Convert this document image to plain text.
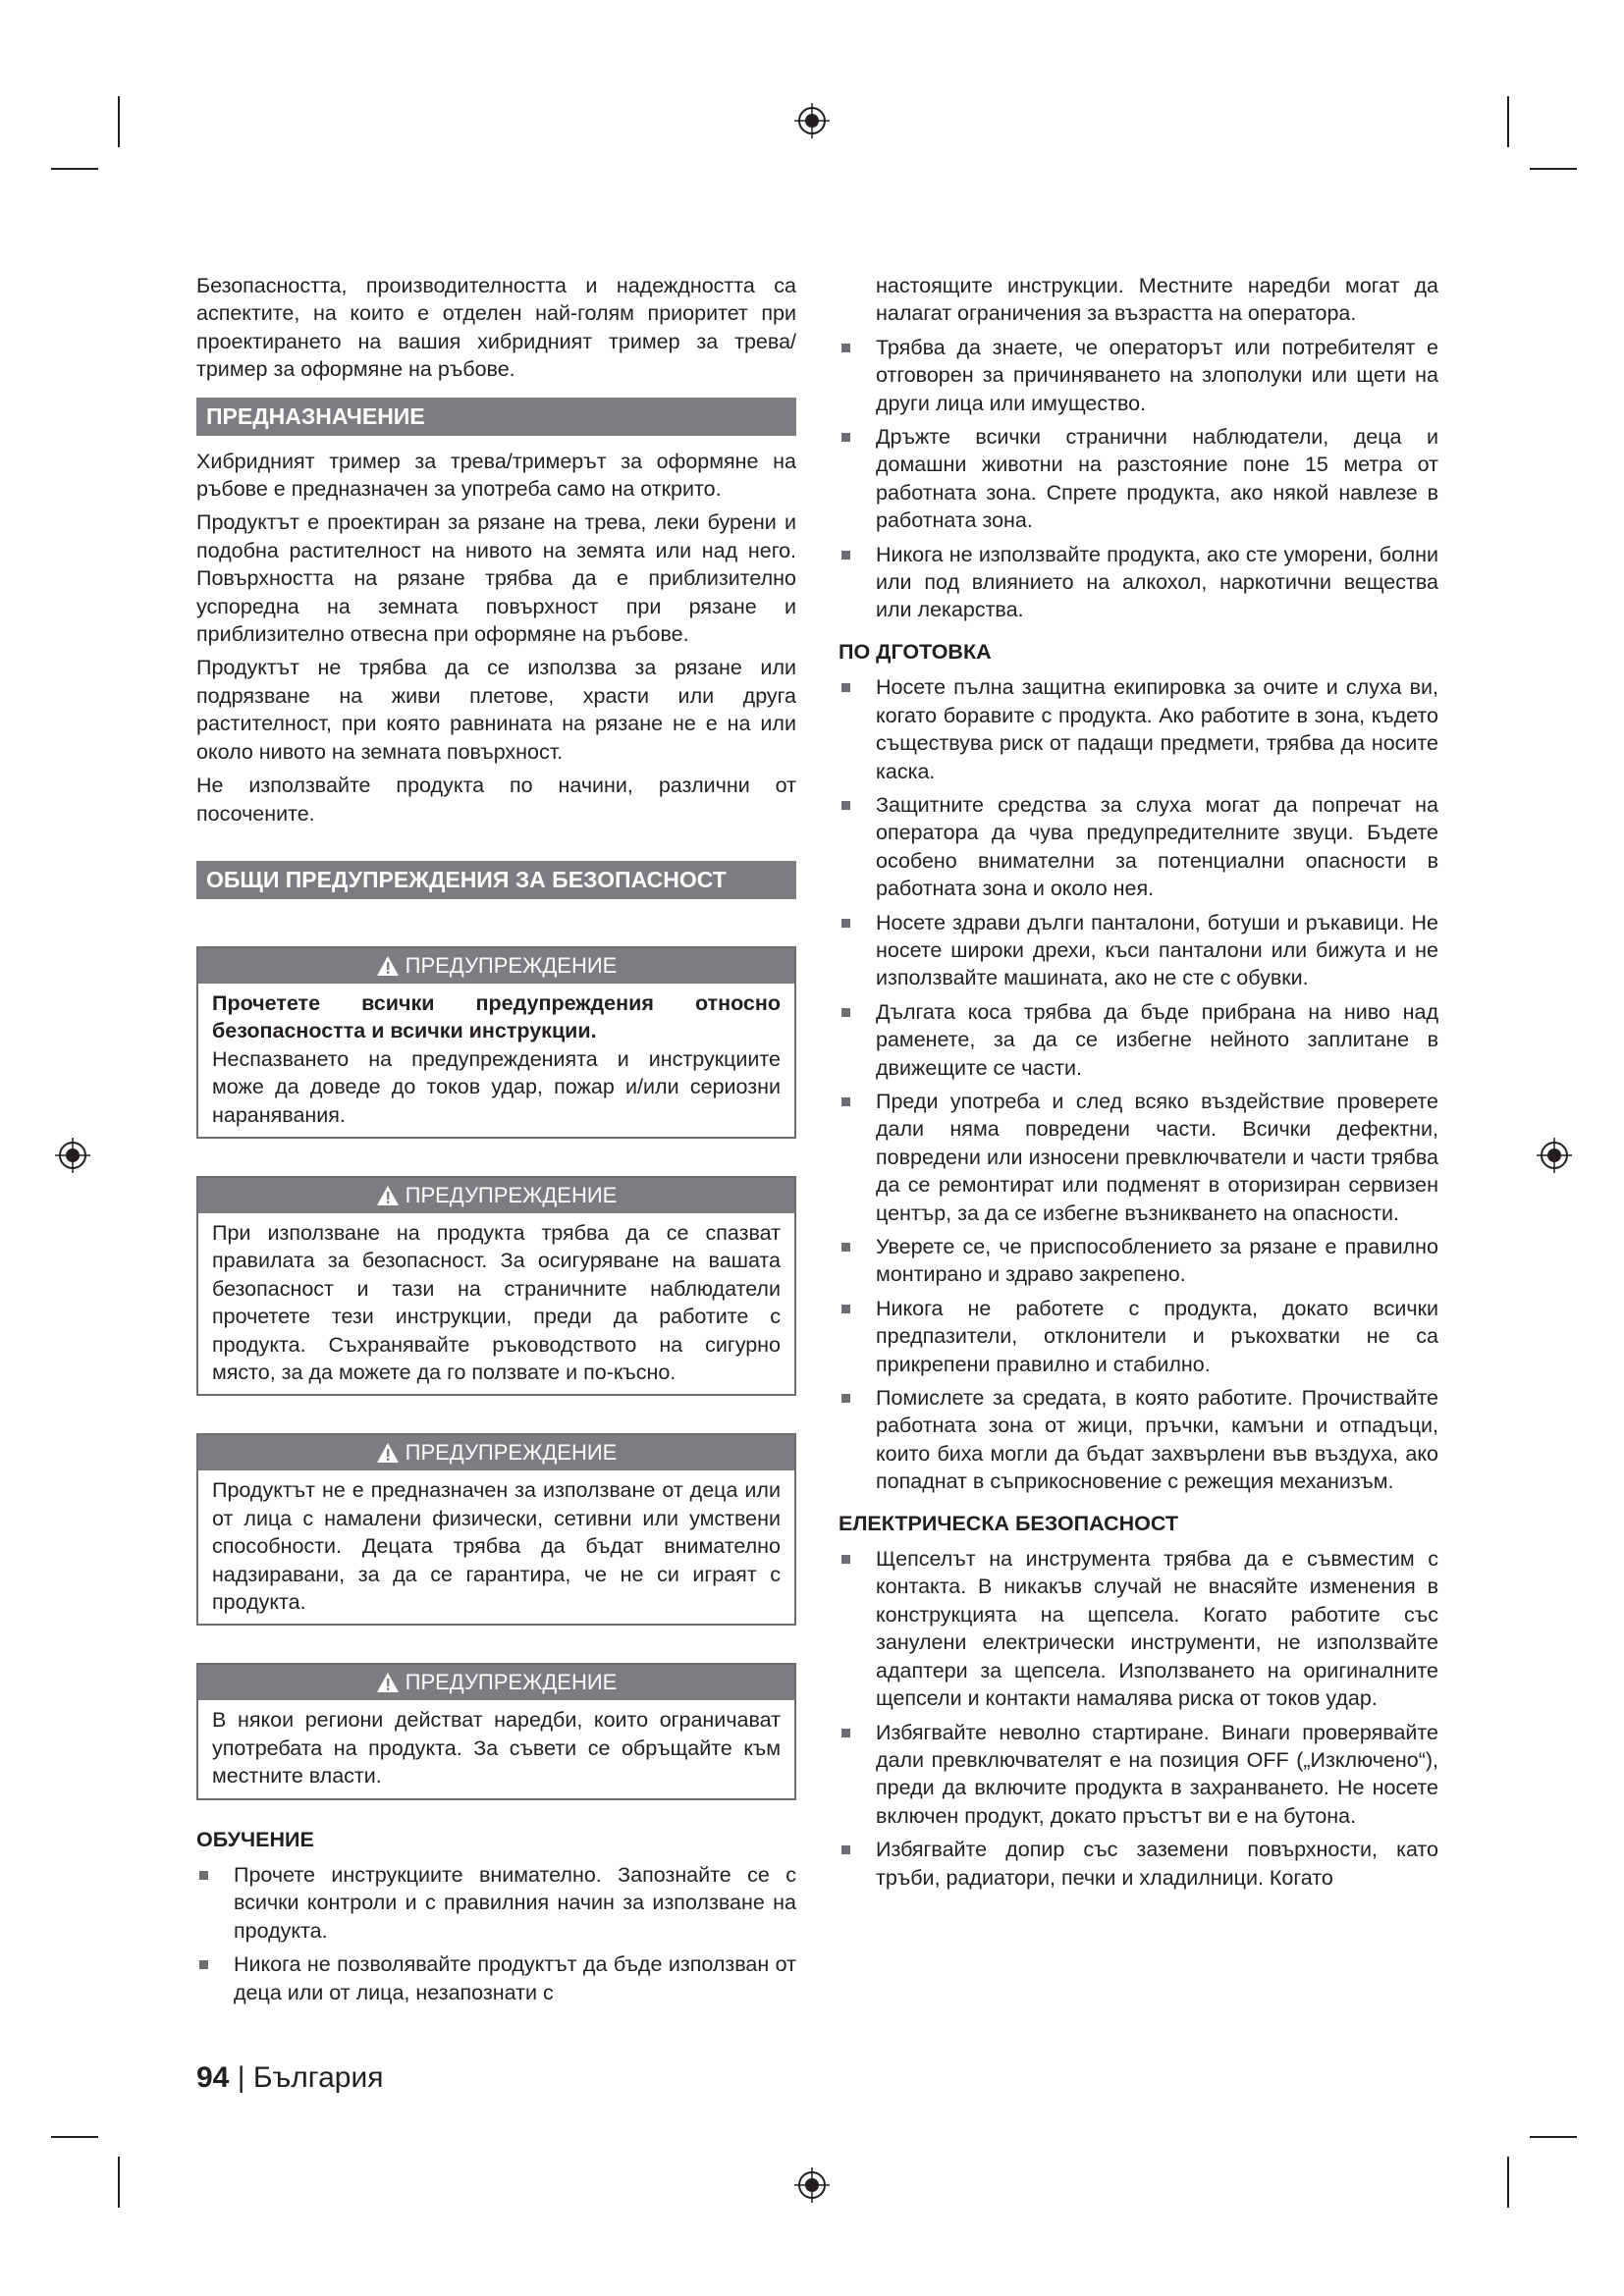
Безопасността, производителността и надеждността са аспектите, на които е отделен най-голям приоритет при проектирането на вашия хибридният тример за трева/тример за оформяне на ръбове.

ПРЕДНАЗНАЧЕНИЕ

Хибридният тример за трева/тримерът за оформяне на ръбове е предназначен за употреба само на открито.

Продуктът е проектиран за рязане на трева, леки бурени и подобна растителност на нивото на земята или над него. Повърхността на рязане трябва да е приблизително успоредна на земната повърхност при рязане и приблизително отвесна при оформяне на ръбове.

Продуктът не трябва да се използва за рязане или подрязване на живи плетове, храсти или друга растителност, при която равнината на рязане не е на или около нивото на земната повърхност.

Не използвайте продукта по начини, различни от посочените.

ОБЩИ ПРЕДУПРЕЖДЕНИЯ ЗА БЕЗОПАСНОСТ
ПРЕДУПРЕЖДЕНИЕ
Прочетете всички предупреждения относно безопасността и всички инструкции.
Неспазването на предупрежденията и инструкциите може да доведе до токов удар, пожар и/или сериозни наранявания.
ПРЕДУПРЕЖДЕНИЕ
При използване на продукта трябва да се спазват правилата за безопасност. За осигуряване на вашата безопасност и тази на страничните наблюдатели прочетете тези инструкции, преди да работите с продукта. Съхранявайте ръководството на сигурно място, за да можете да го ползвате и по-късно.
ПРЕДУПРЕЖДЕНИЕ
Продуктът не е предназначен за използване от деца или от лица с намалени физически, сетивни или умствени способности. Децата трябва да бъдат внимателно надзиравани, за да се гарантира, че не си играят с продукта.
ПРЕДУПРЕЖДЕНИЕ
В някои региони действат наредби, които ограничават употребата на продукта. За съвети се обръщайте към местните власти.
ОБУЧЕНИЕ
Прочете инструкциите внимателно. Запознайте се с всички контроли и с правилния начин за използване на продукта.
Никога не позволявайте продуктът да бъде използван от деца или от лица, незапознати с

настоящите инструкции. Местните наредби могат да налагат ограничения за възрастта на оператора.

Трябва да знаете, че операторът или потребителят е отговорен за причиняването на злополуки или щети на други лица или имущество.
Дръжте всички странични наблюдатели, деца и домашни животни на разстояние поне 15 метра от работната зона. Спрете продукта, ако някой навлезе в работната зона.
Никога не използвайте продукта, ако сте уморени, болни или под влиянието на алкохол, наркотични вещества или лекарства.
ПО ДГОТОВКА
Носете пълна защитна екипировка за очите и слуха ви, когато боравите с продукта. Ако работите в зона, където съществува риск от падащи предмети, трябва да носите каска.
Защитните средства за слуха могат да попречат на оператора да чува предупредителните звуци. Бъдете особено внимателни за потенциални опасности в работната зона и около нея.
Носете здрави дълги панталони, ботуши и ръкавици. Не носете широки дрехи, къси панталони или бижута и не използвайте машината, ако не сте с обувки.
Дългата коса трябва да бъде прибрана на ниво над раменете, за да се избегне нейното заплитане в движещите се части.
Преди употреба и след всяко въздействие проверете дали няма повредени части. Всички дефектни, повредени или износени превключватели и части трябва да се ремонтират или подменят в оторизиран сервизен център, за да се избегне възникването на опасности.
Уверете се, че приспособлението за рязане е правилно монтирано и здраво закрепено.
Никога не работете с продукта, докато всички предпазители, отклонители и ръкохватки не са прикрепени правилно и стабилно.
Помислете за средата, в която работите. Прочиствайте работната зона от жици, пръчки, камъни и отпадъци, които биха могли да бъдат захвърлени във въздуха, ако попаднат в съприкосновение с режещия механизъм.
ЕЛЕКТРИЧЕСКА БЕЗОПАСНОСТ
Щепселът на инструмента трябва да е съвместим с контакта. В никакъв случай не внасяйте изменения в конструкцията на щепсела. Когато работите със занулени електрически инструменти, не използвайте адаптери за щепсела. Използването на оригиналните щепсели и контакти намалява риска от токов удар.
Избягвайте неволно стартиране. Винаги проверявайте дали превключвателят е на позиция OFF („Изключено“), преди да включите продукта в захранването. Не носете включен продукт, докато пръстът ви е на бутона.
Избягвайте допир със заземени повърхности, като тръби, радиатори, печки и хладилници. Когато
94 | България
